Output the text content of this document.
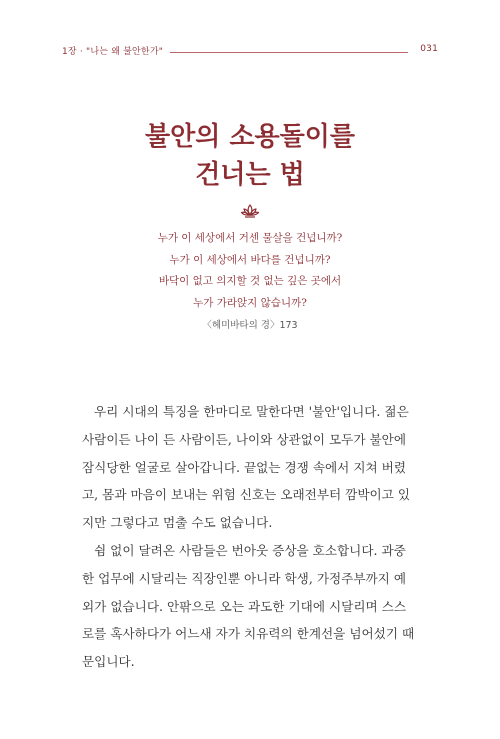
1장 · "나는 왜 불안한가"	031
불안의 소용돌이를
건너는 법
누가 이 세상에서 거센 물살을 건넙니까?
누가 이 세상에서 바다를 건넙니까?
바닥이 없고 의지할 것 없는 깊은 곳에서
누가 가라앉지 않습니까?
〈헤미바타의 경〉173
우리 시대의 특징을 한마디로 말한다면 '불안'입니다. 젊은
사람이든 나이 든 사람이든, 나이와 상관없이 모두가 불안에
잠식당한 얼굴로 살아갑니다. 끝없는 경쟁 속에서 지쳐 버렸
고, 몸과 마음이 보내는 위험 신호는 오래전부터 깜박이고 있
지만 그렇다고 멈출 수도 없습니다.
쉼 없이 달려온 사람들은 번아웃 증상을 호소합니다. 과중
한 업무에 시달리는 직장인뿐 아니라 학생, 가정주부까지 예
외가 없습니다. 안팎으로 오는 과도한 기대에 시달리며 스스
로를 혹사하다가 어느새 자가 치유력의 한계선을 넘어섰기 때
문입니다.
